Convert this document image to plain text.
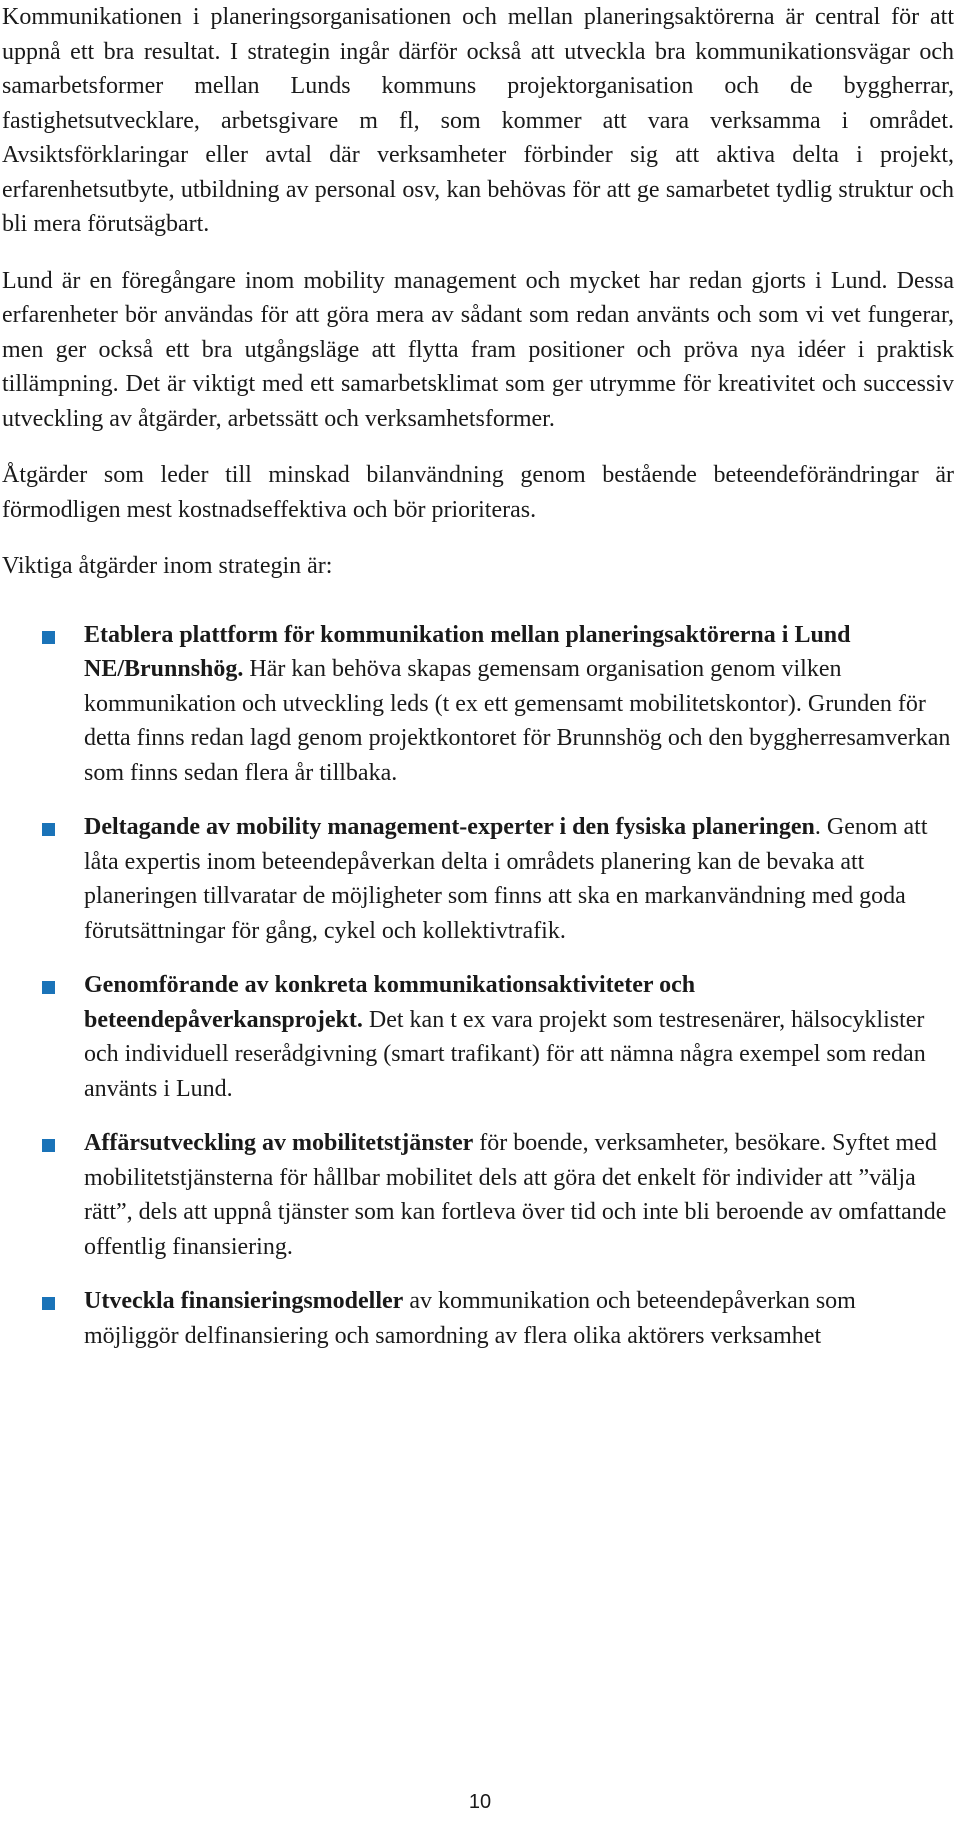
Kommunikationen i planeringsorganisationen och mellan planeringsaktörerna är central för att uppnå ett bra resultat. I strategin ingår därför också att utveckla bra kommunikationsvägar och samarbetsformer mellan Lunds kommuns projektorganisation och de byggherrar, fastighetsutvecklare, arbetsgivare m fl, som kommer att vara verksamma i området. Avsiktsförklaringar eller avtal där verksamheter förbinder sig att aktiva delta i projekt, erfarenhetsutbyte, utbildning av personal osv, kan behövas för att ge samarbetet tydlig struktur och bli mera förutsägbart.

Lund är en föregångare inom mobility management och mycket har redan gjorts i Lund. Dessa erfarenheter bör användas för att göra mera av sådant som redan använts och som vi vet fungerar, men ger också ett bra utgångsläge att flytta fram positioner och pröva nya idéer i praktisk tillämpning. Det är viktigt med ett samarbetsklimat som ger utrymme för kreativitet och successiv utveckling av åtgärder, arbetssätt och verksamhetsformer.

Åtgärder som leder till minskad bilanvändning genom bestående beteendeförändringar är förmodligen mest kostnadseffektiva och bör prioriteras.

Viktiga åtgärder inom strategin är:

Etablera plattform för kommunikation mellan planeringsaktörerna i Lund NE/Brunnshög. Här kan behöva skapas gemensam organisation genom vilken kommunikation och utveckling leds (t ex ett gemensamt mobilitetskontor). Grunden för detta finns redan lagd genom projektkontoret för Brunnshög och den byggherresamverkan som finns sedan flera år tillbaka.
Deltagande av mobility management-experter i den fysiska planeringen. Genom att låta expertis inom beteendepåverkan delta i områdets planering kan de bevaka att planeringen tillvaratar de möjligheter som finns att ska en markanvändning med goda förutsättningar för gång, cykel och kollektivtrafik.
Genomförande av konkreta kommunikationsaktiviteter och beteendepåverkansprojekt. Det kan t ex vara projekt som testresenärer, hälsocyklister och individuell reserådgivning (smart trafikant) för att nämna några exempel som redan använts i Lund.
Affärsutveckling av mobilitetstjänster för boende, verksamheter, besökare. Syftet med mobilitetstjänsterna för hållbar mobilitet dels att göra det enkelt för individer att ”välja rätt”, dels att uppnå tjänster som kan fortleva över tid och inte bli beroende av omfattande offentlig finansiering.
Utveckla finansieringsmodeller av kommunikation och beteendepåverkan som möjliggör delfinansiering och samordning av flera olika aktörers verksamhet
10
